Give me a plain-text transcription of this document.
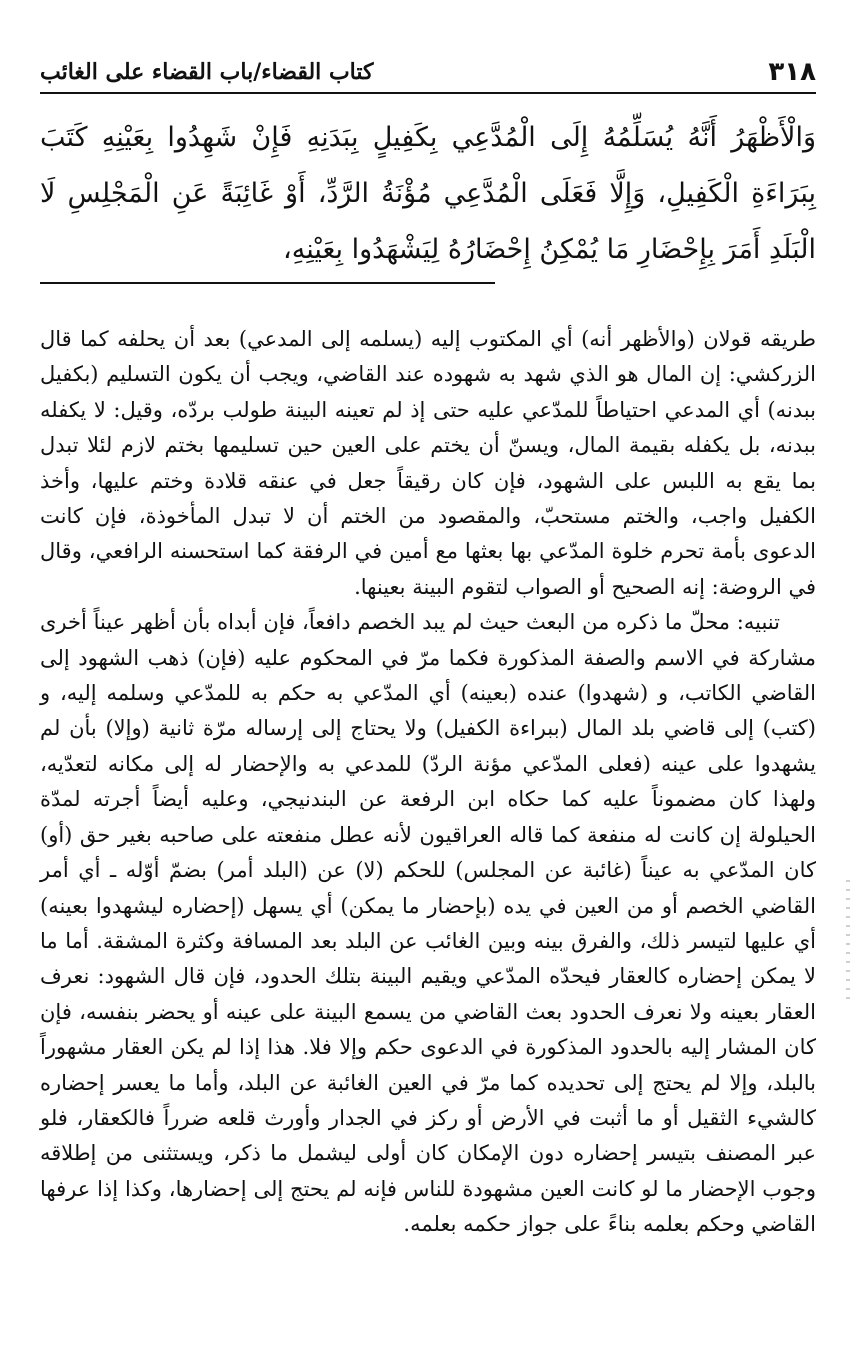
٣١٨
كتاب القضاء/باب القضاء على الغائب
وَالْأَظْهَرُ أَنَّهُ يُسَلِّمُهُ إِلَى الْمُدَّعِي بِكَفِيلٍ بِبَدَنِهِ فَإِنْ شَهِدُوا بِعَيْنِهِ كَتَبَ بِبَرَاءَةِ الْكَفِيلِ، وَإِلَّا فَعَلَى الْمُدَّعِي مُؤْنَةُ الرَّدِّ، أَوْ غَائِبَةً عَنِ الْمَجْلِسِ لَا الْبَلَدِ أَمَرَ بِإِحْضَارِ مَا يُمْكِنُ إِحْضَارُهُ لِيَشْهَدُوا بِعَيْنِهِ،

طريقه قولان (والأظهر أنه) أي المكتوب إليه (يسلمه إلى المدعي) بعد أن يحلفه كما قال الزركشي: إن المال هو الذي شهد به شهوده عند القاضي، ويجب أن يكون التسليم (بكفيل ببدنه) أي المدعي احتياطاً للمدّعي عليه حتى إذ لم تعينه البينة طولب بردّه، وقيل: لا يكفله ببدنه، بل يكفله بقيمة المال، ويسنّ أن يختم على العين حين تسليمها بختم لازم لئلا تبدل بما يقع به اللبس على الشهود، فإن كان رقيقاً جعل في عنقه قلادة وختم عليها، وأخذ الكفيل واجب، والختم مستحبّ، والمقصود من الختم أن لا تبدل المأخوذة، فإن كانت الدعوى بأمة تحرم خلوة المدّعي بها بعثها مع أمين في الرفقة كما استحسنه الرافعي، وقال في الروضة: إنه الصحيح أو الصواب لتقوم البينة بعينها.

تنبيه: محلّ ما ذكره من البعث حيث لم يبد الخصم دافعاً، فإن أبداه بأن أظهر عيناً أخرى مشاركة في الاسم والصفة المذكورة فكما مرّ في المحكوم عليه (فإن) ذهب الشهود إلى القاضي الكاتب، و (شهدوا) عنده (بعينه) أي المدّعي به حكم به للمدّعي وسلمه إليه، و (كتب) إلى قاضي بلد المال (ببراءة الكفيل) ولا يحتاج إلى إرساله مرّة ثانية (وإلا) بأن لم يشهدوا على عينه (فعلى المدّعي مؤنة الردّ) للمدعي به والإحضار له إلى مكانه لتعدّيه، ولهذا كان مضموناً عليه كما حكاه ابن الرفعة عن البندنيجي، وعليه أيضاً أجرته لمدّة الحيلولة إن كانت له منفعة كما قاله العراقيون لأنه عطل منفعته على صاحبه بغير حق (أو) كان المدّعي به عيناً (غائبة عن المجلس) للحكم (لا) عن (البلد أمر) بضمّ أوّله ـ أي أمر القاضي الخصم أو من العين في يده (بإحضار ما يمكن) أي يسهل (إحضاره ليشهدوا بعينه) أي عليها لتيسر ذلك، والفرق بينه وبين الغائب عن البلد بعد المسافة وكثرة المشقة. أما ما لا يمكن إحضاره كالعقار فيحدّه المدّعي ويقيم البينة بتلك الحدود، فإن قال الشهود: نعرف العقار بعينه ولا نعرف الحدود بعث القاضي من يسمع البينة على عينه أو يحضر بنفسه، فإن كان المشار إليه بالحدود المذكورة في الدعوى حكم وإلا فلا. هذا إذا لم يكن العقار مشهوراً بالبلد، وإلا لم يحتج إلى تحديده كما مرّ في العين الغائبة عن البلد، وأما ما يعسر إحضاره كالشيء الثقيل أو ما أثبت في الأرض أو ركز في الجدار وأورث قلعه ضرراً فالكعقار، فلو عبر المصنف بتيسر إحضاره دون الإمكان كان أولى ليشمل ما ذكر، ويستثنى من إطلاقه وجوب الإحضار ما لو كانت العين مشهودة للناس فإنه لم يحتج إلى إحضارها، وكذا إذا عرفها القاضي وحكم بعلمه بناءً على جواز حكمه بعلمه.
